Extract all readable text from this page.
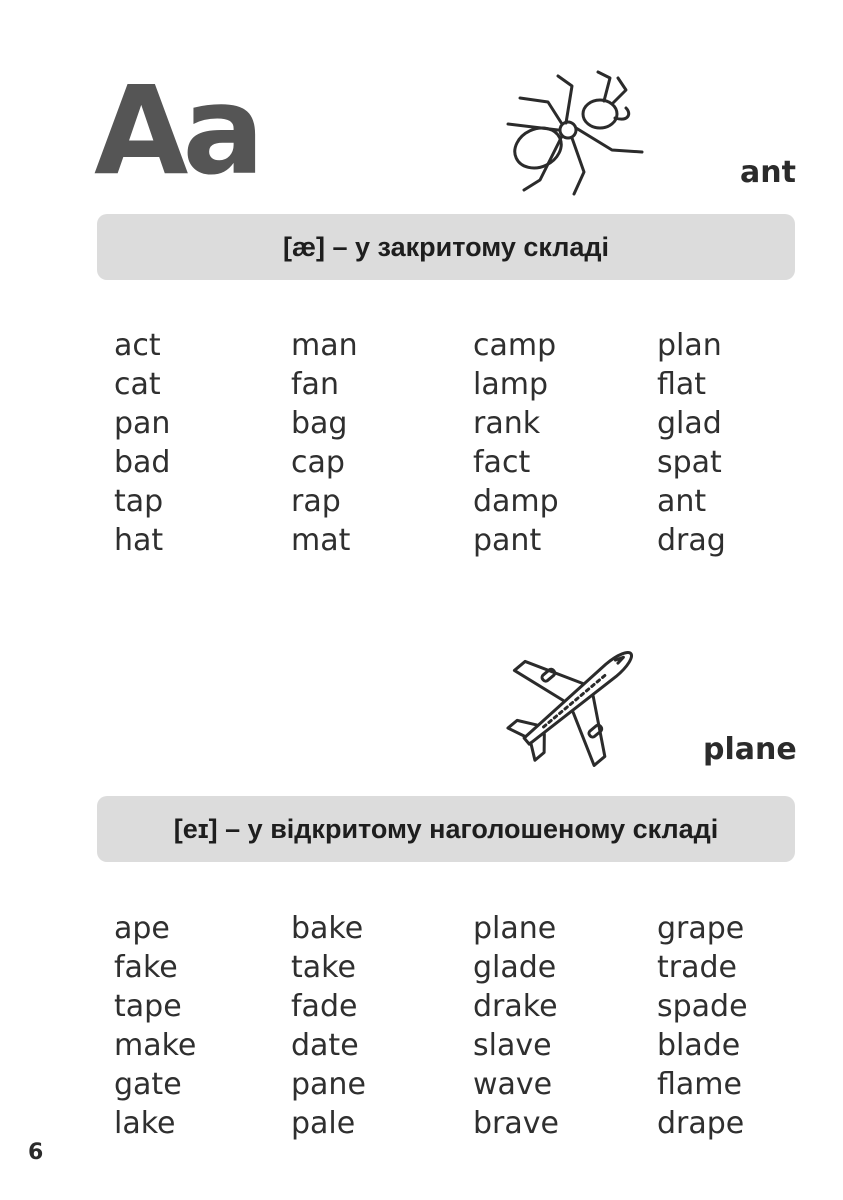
Aa	ant
[æ] – у закритому складі
act
cat
pan
bad
tap
hat
man
fan
bag
cap
rap
mat
camp
lamp
rank
fact
damp
pant
plan
flat
glad
spat
ant
drag
plane
[eɪ] – у відкритому наголошеному складі
ape
fake
tape
make
gate
lake
bake
take
fade
date
pane
pale
plane
glade
drake
slave
wave
brave
grape
trade
spade
blade
flame
drape
6
